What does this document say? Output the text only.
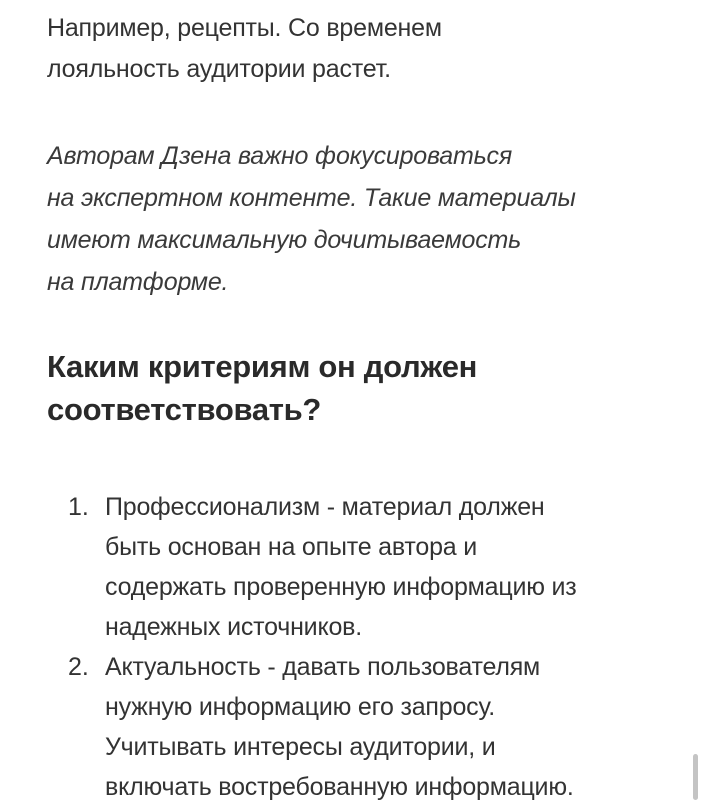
Например, рецепты. Со временем
лояльность аудитории растет.
Авторам Дзена важно фокусироваться
на экспертном контенте. Такие материалы
имеют максимальную дочитываемость
на платформе.
Каким критериям он должен
соответствовать?
1. Профессионализм - материал должен
быть основан на опыте автора и
содержать проверенную информацию из
надежных источников.
2. Актуальность - давать пользователям
нужную информацию его запросу.
Учитывать интересы аудитории, и
включать востребованную информацию.
